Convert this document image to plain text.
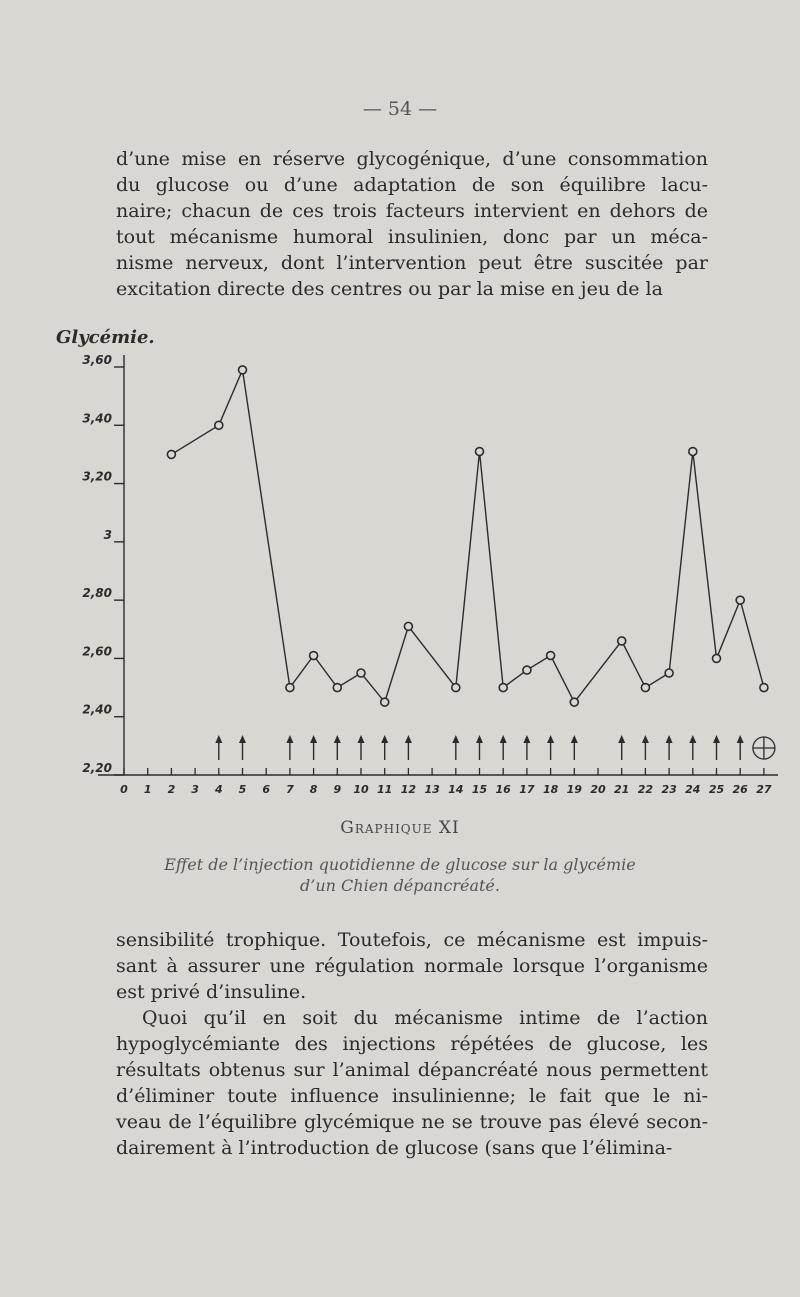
— 54 —
d’une mise en réserve glycogénique, d’une consommation
du glucose ou d’une adaptation de son équilibre lacu-
naire; chacun de ces trois facteurs intervient en dehors de
tout mécanisme humoral insulinien, donc par un méca-
nisme nerveux, dont l’intervention peut être suscitée par
excitation directe des centres ou par la mise en jeu de la
Glycémie.
2,20
2,40
2,60
2,80
3
3,20
3,40
3,60
0 1 2 3 4 5 6 7 8 9 10 11 12 13 14 15 16 17 18 19 20 21 22 23 24 25 26 27
Graphique XI
Effet de l’injection quotidienne de glucose sur la glycémie
d’un Chien dépancréaté.
sensibilité trophique. Toutefois, ce mécanisme est impuis-
sant à assurer une régulation normale lorsque l’organisme
est privé d’insuline.
Quoi qu’il en soit du mécanisme intime de l’action
hypoglycémiante des injections répétées de glucose, les
résultats obtenus sur l’animal dépancréaté nous permettent
d’éliminer toute influence insulinienne; le fait que le ni-
veau de l’équilibre glycémique ne se trouve pas élevé secon-
dairement à l’introduction de glucose (sans que l’élimina-
